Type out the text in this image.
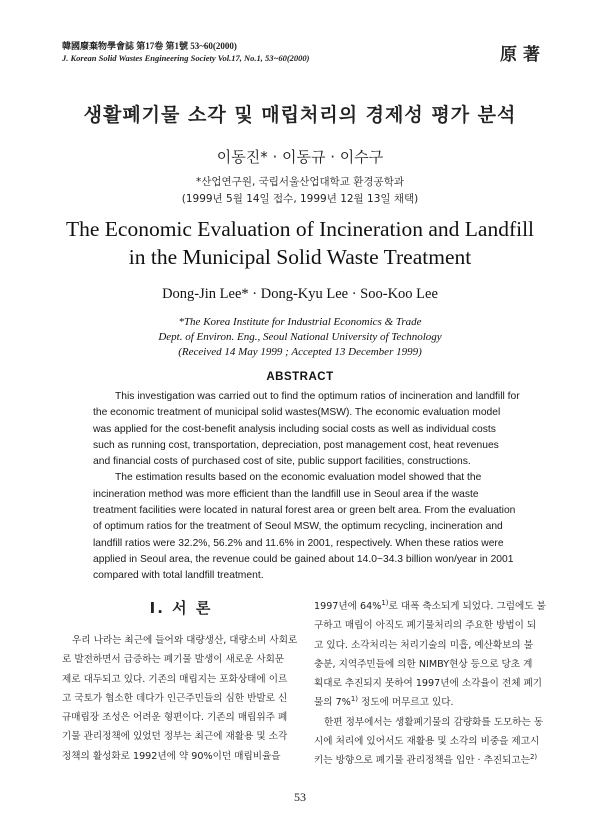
韓國廢棄物學會誌 第17卷 第1號 53~60(2000)
J. Korean Solid Wastes Engineering Society Vol.17, No.1, 53~60(2000)	原著
생활폐기물 소각 및 매립처리의 경제성 평가 분석
이동진* · 이동규 · 이수구
*산업연구원, 국립서울산업대학교 환경공학과
(1999년 5월 14일 접수, 1999년 12월 13일 채택)
The Economic Evaluation of Incineration and Landfill
in the Municipal Solid Waste Treatment
Dong-Jin Lee* · Dong-Kyu Lee · Soo-Koo Lee
*The Korea Institute for Industrial Economics & Trade
Dept. of Environ. Eng., Seoul National University of Technology
(Received 14 May 1999 ; Accepted 13 December 1999)
ABSTRACT
This investigation was carried out to find the optimum ratios of incineration and landfill for
the economic treatment of municipal solid wastes(MSW). The economic evaluation model
was applied for the cost-benefit analysis including social costs as well as individual costs
such as running cost, transportation, depreciation, post management cost, heat revenues
and financial costs of purchased cost of site, public support facilities, constructions.
The estimation results based on the economic evaluation model showed that the
incineration method was more efficient than the landfill use in Seoul area if the waste
treatment facilities were located in natural forest area or green belt area. From the evaluation
of optimum ratios for the treatment of Seoul MSW, the optimum recycling, incineration and
landfill ratios were 32.2%, 56.2% and 11.6% in 2001, respectively. When these ratios were
applied in Seoul area, the revenue could be gained about 14.0~34.3 billion won/year in 2001
compared with total landfill treatment.
Ⅰ. 서 론
우리 나라는 최근에 들어와 대량생산, 대량소비 사회로
로 발전하면서 급증하는 폐기물 발생이 새로운 사회문
제로 대두되고 있다. 기존의 매립지는 포화상태에 이르
고 국토가 협소한 데다가 인근주민들의 심한 반발로 신
규매립장 조성은 어려운 형편이다. 기존의 매립위주 폐
기물 관리정책에 있었던 정부는 최근에 재활용 및 소각
정책의 활성화로 1992년에 약 90%이던 매립비율을
1997년에 64%$^{1)}$로 대폭 축소되게 되었다. 그럼에도 불
구하고 매립이 아직도 폐기물처리의 주요한 방법이 되
고 있다. 소각처리는 처리기술의 미흡, 예산확보의 불
충분, 지역주민들에 의한 NIMBY현상 등으로 당초 계
획대로 추진되지 못하여 1997년에 소각율이 전체 폐기
물의 7%$^{1)}$ 정도에 머무르고 있다.
한편 정부에서는 생활폐기물의 감량화를 도모하는 동
시에 처리에 있어서도 재활용 및 소각의 비중을 제고시
키는 방향으로 폐기물 관리정책을 입안 · 추진되고는$^{2)}$
53
